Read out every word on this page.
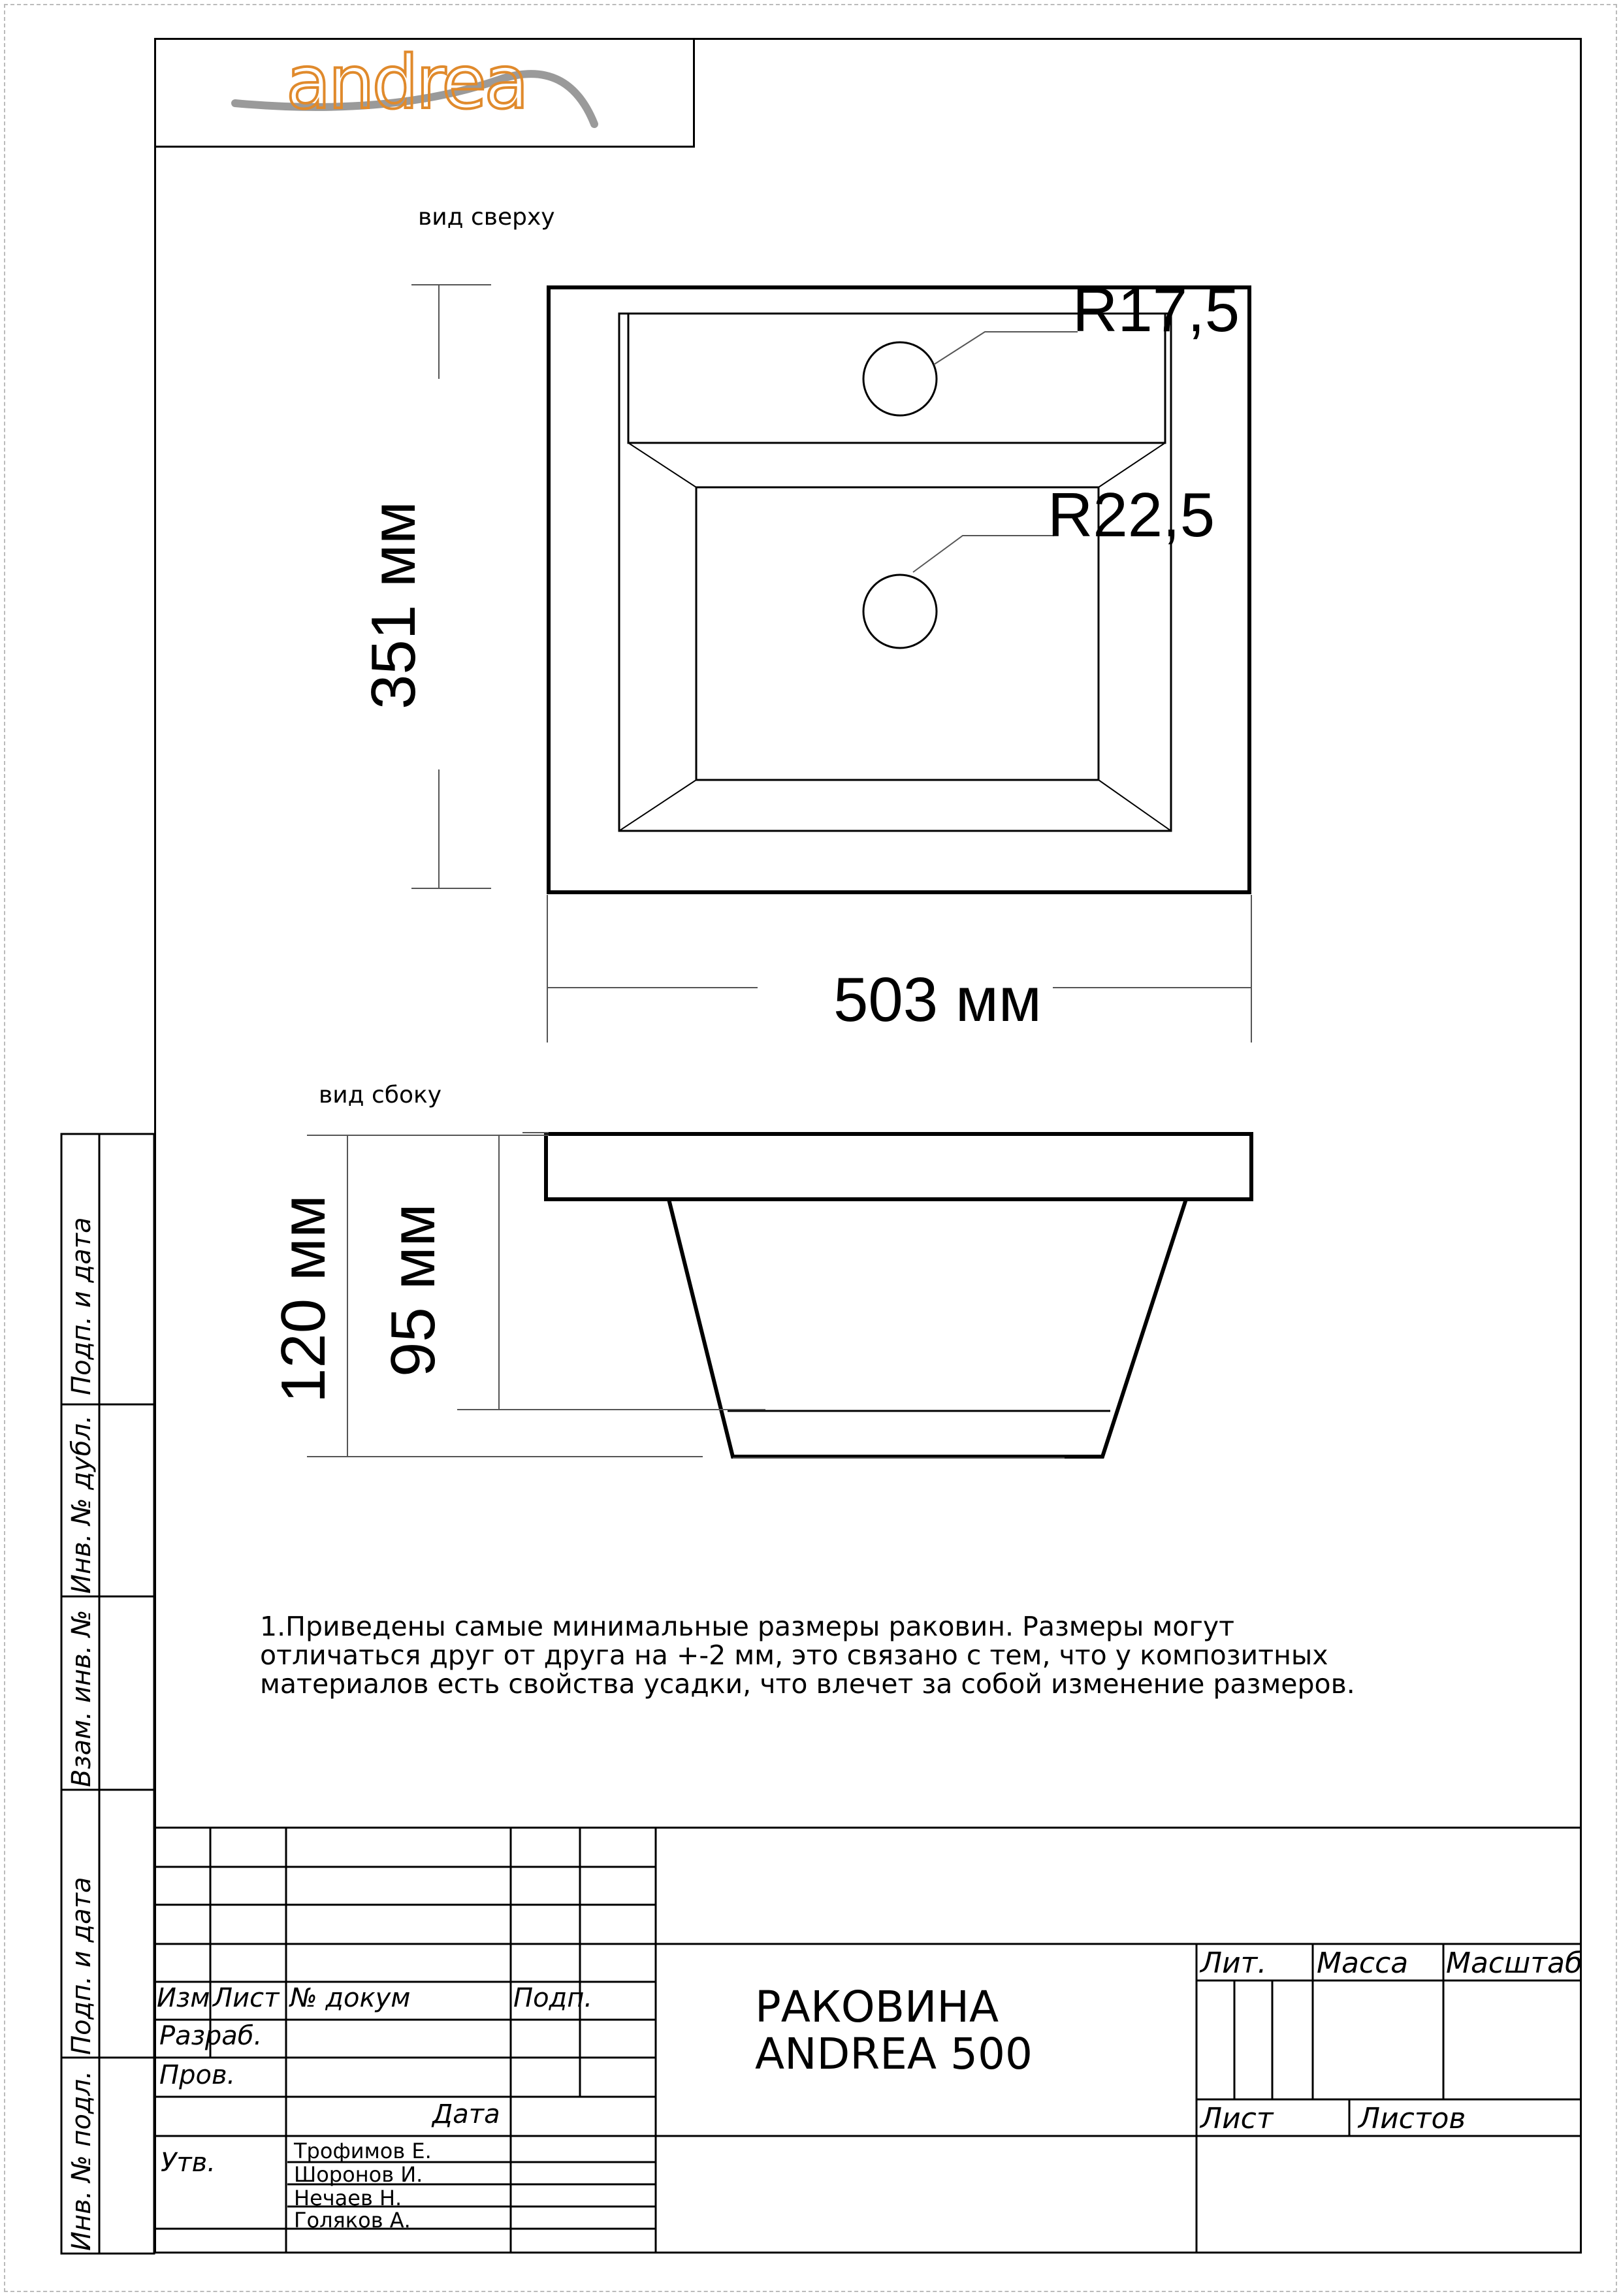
andrea
вид сверху
R17,5
R22,5
351 мм
503 мм
вид сбоку
120 мм 95 мм
1.Приведены самые минимальные размеры раковин. Размеры могут
отличаться друг от друга на +-2 мм, это связано с тем, что у композитных
материалов есть свойства усадки, что влечет за собой изменение размеров.
Подп. и дата
Инв. № дубл.
Взам. инв. №
Подп. и дата
Инв. № подл.
Изм Лист № докум	Подп.
Разраб.
Пров.
Дата
Утв.	Трофимов Е.
Шоронов И.
Нечаев Н.
Голяков А.
РАКОВИНА
ANDREA 500
Лит. Масса Масштаб
Лист	Листов
